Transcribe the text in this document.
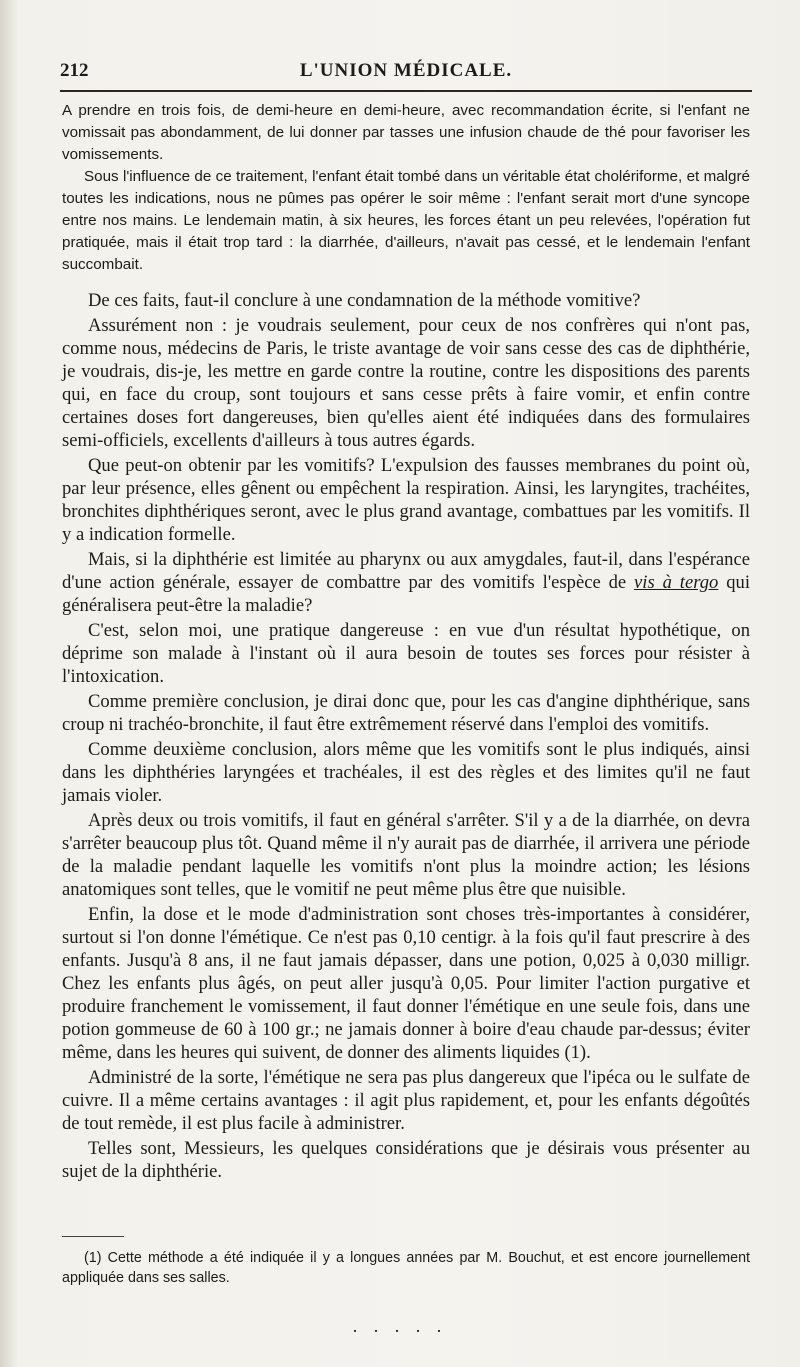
212	L'UNION MÉDICALE.

A prendre en trois fois, de demi-heure en demi-heure, avec recommandation écrite, si l'enfant ne vomissait pas abondamment, de lui donner par tasses une infusion chaude de thé pour favoriser les vomissements.

Sous l'influence de ce traitement, l'enfant était tombé dans un véritable état cholériforme, et malgré toutes les indications, nous ne pûmes pas opérer le soir même : l'enfant serait mort d'une syncope entre nos mains. Le lendemain matin, à six heures, les forces étant un peu relevées, l'opération fut pratiquée, mais il était trop tard : la diarrhée, d'ailleurs, n'avait pas cessé, et le lendemain l'enfant succombait.

De ces faits, faut-il conclure à une condamnation de la méthode vomitive?

Assurément non : je voudrais seulement, pour ceux de nos confrères qui n'ont pas, comme nous, médecins de Paris, le triste avantage de voir sans cesse des cas de diphthérie, je voudrais, dis-je, les mettre en garde contre la routine, contre les dispositions des parents qui, en face du croup, sont toujours et sans cesse prêts à faire vomir, et enfin contre certaines doses fort dangereuses, bien qu'elles aient été indiquées dans des formulaires semi-officiels, excellents d'ailleurs à tous autres égards.

Que peut-on obtenir par les vomitifs? L'expulsion des fausses membranes du point où, par leur présence, elles gênent ou empêchent la respiration. Ainsi, les laryngites, trachéites, bronchites diphthériques seront, avec le plus grand avantage, combattues par les vomitifs. Il y a indication formelle.

Mais, si la diphthérie est limitée au pharynx ou aux amygdales, faut-il, dans l'espérance d'une action générale, essayer de combattre par des vomitifs l'espèce de vis à tergo qui généralisera peut-être la maladie?

C'est, selon moi, une pratique dangereuse : en vue d'un résultat hypothétique, on déprime son malade à l'instant où il aura besoin de toutes ses forces pour résister à l'intoxication.

Comme première conclusion, je dirai donc que, pour les cas d'angine diphthérique, sans croup ni trachéo-bronchite, il faut être extrêmement réservé dans l'emploi des vomitifs.

Comme deuxième conclusion, alors même que les vomitifs sont le plus indiqués, ainsi dans les diphthéries laryngées et trachéales, il est des règles et des limites qu'il ne faut jamais violer.

Après deux ou trois vomitifs, il faut en général s'arrêter. S'il y a de la diarrhée, on devra s'arrêter beaucoup plus tôt. Quand même il n'y aurait pas de diarrhée, il arrivera une période de la maladie pendant laquelle les vomitifs n'ont plus la moindre action; les lésions anatomiques sont telles, que le vomitif ne peut même plus être que nuisible.

Enfin, la dose et le mode d'administration sont choses très-importantes à considérer, surtout si l'on donne l'émétique. Ce n'est pas 0,10 centigr. à la fois qu'il faut prescrire à des enfants. Jusqu'à 8 ans, il ne faut jamais dépasser, dans une potion, 0,025 à 0,030 milligr. Chez les enfants plus âgés, on peut aller jusqu'à 0,05. Pour limiter l'action purgative et produire franchement le vomissement, il faut donner l'émétique en une seule fois, dans une potion gommeuse de 60 à 100 gr.; ne jamais donner à boire d'eau chaude par-dessus; éviter même, dans les heures qui suivent, de donner des aliments liquides (1).

Administré de la sorte, l'émétique ne sera pas plus dangereux que l'ipéca ou le sulfate de cuivre. Il a même certains avantages : il agit plus rapidement, et, pour les enfants dégoûtés de tout remède, il est plus facile à administrer.

Telles sont, Messieurs, les quelques considérations que je désirais vous présenter au sujet de la diphthérie.

(1) Cette méthode a été indiquée il y a longues années par M. Bouchut, et est encore journellement appliquée dans ses salles.

. . . . .
